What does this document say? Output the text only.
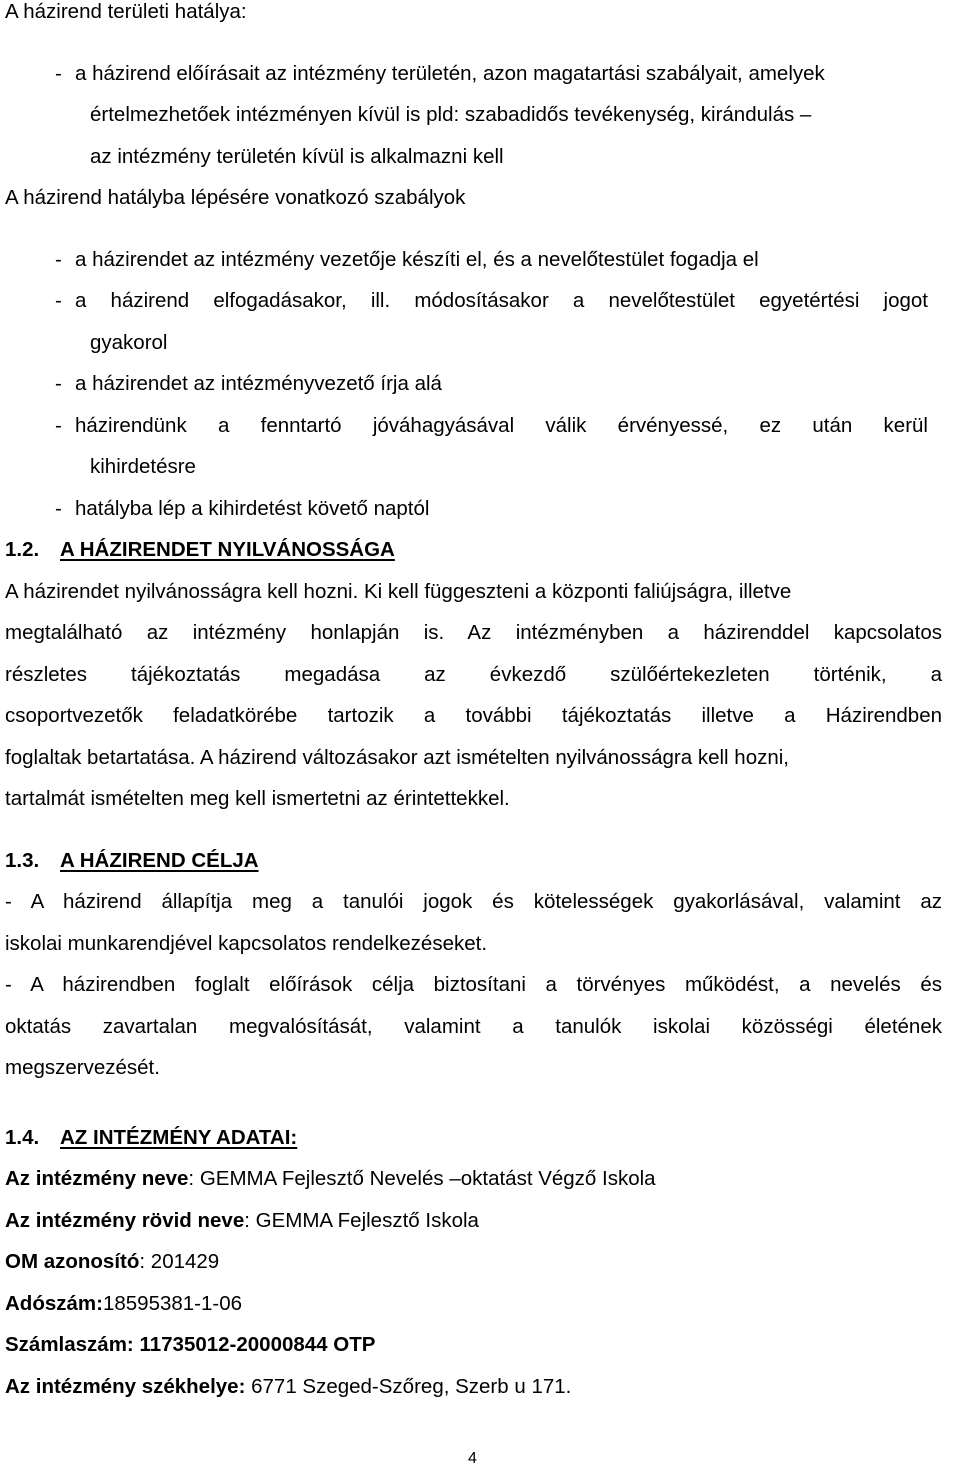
A házirend területi hatálya:
- a házirend előírásait az intézmény területén, azon magatartási szabályait, amelyek
értelmezhetőek intézményen kívül is pld: szabadidős tevékenység, kirándulás –
az intézmény területén kívül is alkalmazni kell
A házirend hatályba lépésére vonatkozó szabályok
- a házirendet az intézmény vezetője készíti el, és a nevelőtestület fogadja el
- a házirend elfogadásakor, ill. módosításakor a nevelőtestület egyetértési jogot
gyakorol
- a házirendet az intézményvezető írja alá
- házirendünk a fenntartó jóváhagyásával válik érvényessé, ez után kerül
kihirdetésre
- hatályba lép a kihirdetést követő naptól
1.2. A HÁZIRENDET NYILVÁNOSSÁGA
A házirendet nyilvánosságra kell hozni. Ki kell függeszteni a központi faliújságra, illetve
megtalálható az intézmény honlapján is. Az intézményben a házirenddel kapcsolatos
részletes tájékoztatás megadása az évkezdő szülőértekezleten történik, a
csoportvezetők feladatkörébe tartozik a további tájékoztatás illetve a Házirendben
foglaltak betartatása. A házirend változásakor azt ismételten nyilvánosságra kell hozni,
tartalmát ismételten meg kell ismertetni az érintettekkel.
1.3. A HÁZIREND CÉLJA
- A házirend állapítja meg a tanulói jogok és kötelességek gyakorlásával, valamint az
iskolai munkarendjével kapcsolatos rendelkezéseket.
- A házirendben foglalt előírások célja biztosítani a törvényes működést, a nevelés és
oktatás zavartalan megvalósítását, valamint a tanulók iskolai közösségi életének
megszervezését.
1.4. AZ INTÉZMÉNY ADATAI:
Az intézmény neve: GEMMA Fejlesztő Nevelés –oktatást Végző Iskola
Az intézmény rövid neve: GEMMA Fejlesztő Iskola
OM azonosító: 201429
Adószám:18595381-1-06
Számlaszám: 11735012-20000844 OTP
Az intézmény székhelye: 6771 Szeged-Szőreg, Szerb u 171.
4
